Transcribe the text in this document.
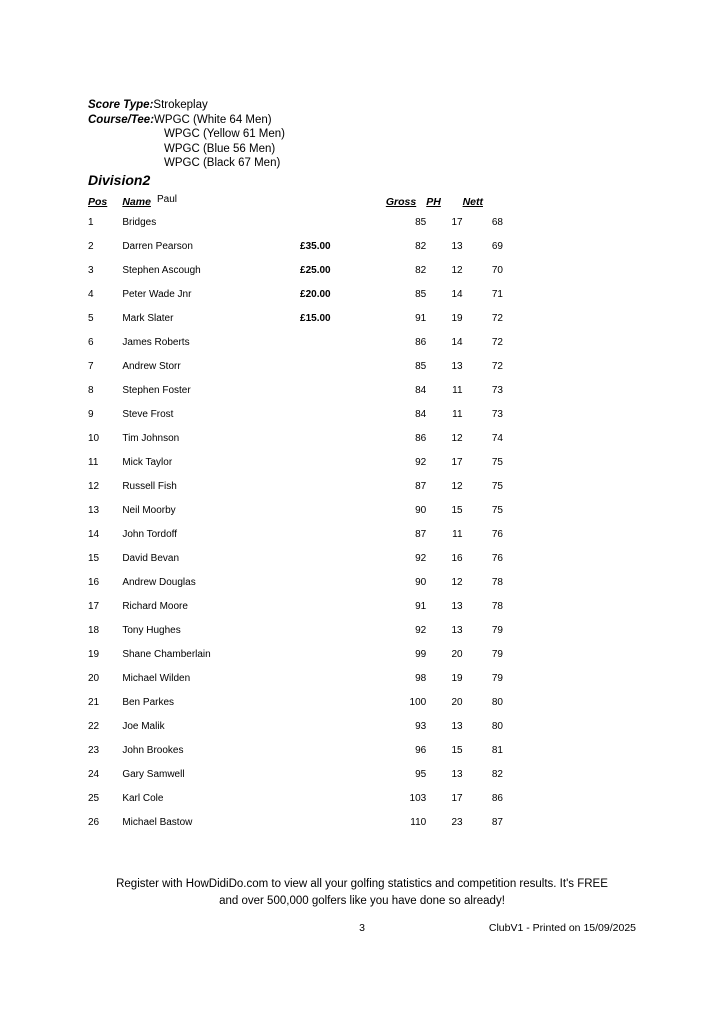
Score Type:Strokeplay
Course/Tee:WPGC (White 64 Men)
WPGC (Yellow 61 Men)
WPGC (Blue 56 Men)
WPGC (Black 67 Men)
Division2
Paul
Pos	Name		Gross	PH	Nett
1	Bridges		85	17	68
2	Darren Pearson	£35.00	82	13	69
3	Stephen Ascough	£25.00	82	12	70
4	Peter Wade Jnr	£20.00	85	14	71
5	Mark Slater	£15.00	91	19	72
6	James Roberts		86	14	72
7	Andrew Storr		85	13	72
8	Stephen Foster		84	11	73
9	Steve Frost		84	11	73
10	Tim Johnson		86	12	74
11	Mick Taylor		92	17	75
12	Russell Fish		87	12	75
13	Neil Moorby		90	15	75
14	John Tordoff		87	11	76
15	David Bevan		92	16	76
16	Andrew Douglas		90	12	78
17	Richard Moore		91	13	78
18	Tony Hughes		92	13	79
19	Shane Chamberlain		99	20	79
20	Michael Wilden		98	19	79
21	Ben Parkes		100	20	80
22	Joe Malik		93	13	80
23	John Brookes		96	15	81
24	Gary Samwell		95	13	82
25	Karl Cole		103	17	86
26	Michael Bastow		110	23	87
Register with HowDidiDo.com to view all your golfing statistics and competition results. It's FREE
and over 500,000 golfers like you have done so already!
3	ClubV1 - Printed on 15/09/2025
